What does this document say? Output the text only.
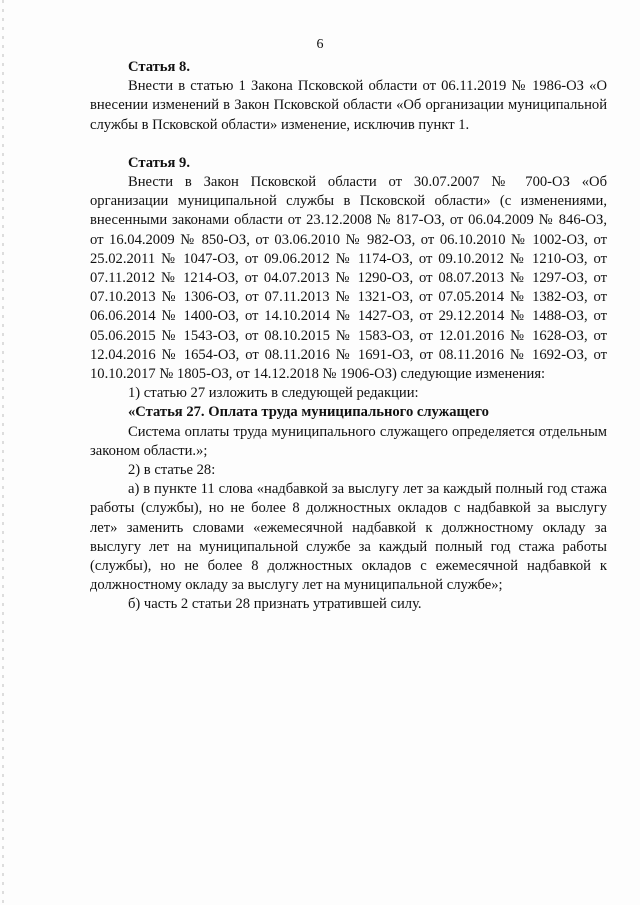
6
Статья 8.

Внести в статью 1 Закона Псковской области от 06.11.2019 № 1986-ОЗ «О внесении изменений в Закон Псковской области «Об организации муниципальной службы в Псковской области» изменение, исключив пункт 1.

Статья 9.

Внести в Закон Псковской области от 30.07.2007 № 700-ОЗ «Об организации муниципальной службы в Псковской области» (с изменениями, внесенными законами области от 23.12.2008 № 817-ОЗ, от 06.04.2009 № 846-ОЗ, от 16.04.2009 № 850-ОЗ, от 03.06.2010 № 982-ОЗ, от 06.10.2010 № 1002-ОЗ, от 25.02.2011 № 1047-ОЗ, от 09.06.2012 № 1174-ОЗ, от 09.10.2012 № 1210-ОЗ, от 07.11.2012 № 1214-ОЗ, от 04.07.2013 № 1290-ОЗ, от 08.07.2013 № 1297-ОЗ, от 07.10.2013 № 1306-ОЗ, от 07.11.2013 № 1321-ОЗ, от 07.05.2014 № 1382-ОЗ, от 06.06.2014 № 1400-ОЗ, от 14.10.2014 № 1427-ОЗ, от 29.12.2014 № 1488-ОЗ, от 05.06.2015 № 1543-ОЗ, от 08.10.2015 № 1583-ОЗ, от 12.01.2016 № 1628-ОЗ, от 12.04.2016 № 1654-ОЗ, от 08.11.2016 № 1691-ОЗ, от 08.11.2016 № 1692-ОЗ, от 10.10.2017 № 1805-ОЗ, от 14.12.2018 № 1906-ОЗ) следующие изменения:

1) статью 27 изложить в следующей редакции:

«Статья 27. Оплата труда муниципального служащего

Система оплаты труда муниципального служащего определяется отдельным законом области.»;

2) в статье 28:

а) в пункте 11 слова «надбавкой за выслугу лет за каждый полный год стажа работы (службы), но не более 8 должностных окладов с надбавкой за выслугу лет» заменить словами «ежемесячной надбавкой к должностному окладу за выслугу лет на муниципальной службе за каждый полный год стажа работы (службы), но не более 8 должностных окладов с ежемесячной надбавкой к должностному окладу за выслугу лет на муниципальной службе»;

б) часть 2 статьи 28 признать утратившей силу.
